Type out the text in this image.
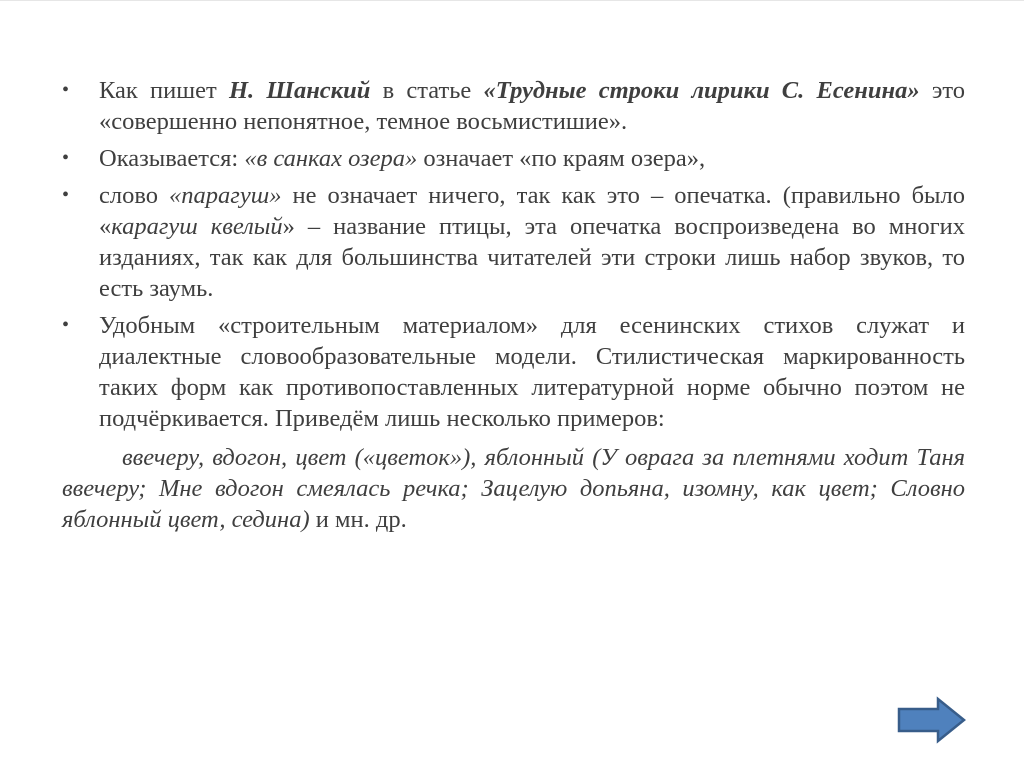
•	Как пишет Н. Шанский в статье «Трудные строки лирики С. Есенина» это «совершенно непонятное, темное восьмистишие».
•	Оказывается: «в санках озера» означает «по краям озера»,
•	слово «парагуш» не означает ничего, так как это – опечатка. (правильно было «карагуш квелый» – название птицы, эта опечатка воспроизведена во многих изданиях, так как для большинства читателей эти строки лишь набор звуков, то есть заумь.
•	Удобным «строительным материалом» для есенинских стихов служат и диалектные словообразовательные модели. Стилистическая маркированность таких форм как противопоставленных литературной норме обычно поэтом не подчёркивается. Приведём лишь несколько примеров:
ввечеру, вдогон, цвет («цветок»), яблонный (У оврага за плетнями ходит Таня ввечеру; Мне вдогон смеялась речка; Зацелую допьяна, изомну, как цвет; Словно яблонный цвет, седина) и мн. др.
